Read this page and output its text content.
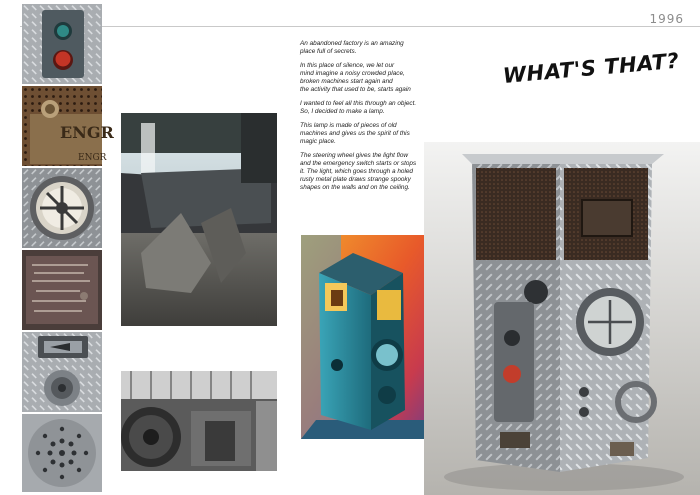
1996
ENGR
ENGR

An abandoned factory is an amazing
place full of secrets.

In this place of silence, we let our
mind imagine a noisy crowded place,
broken machines start again and
the activity that used to be, starts again

I wanted to feel all this through an object.
So, I decided to make a lamp.

This lamp is made of pieces of old
machines and gives us the spirit of this
magic place.

The steering wheel gives the light flow
and the emergency switch starts or stops
it. The light, which goes through a holed
rusty metal plate draws strange spooky
shapes on the walls and on the ceiling.

WHAT'S THAT?
